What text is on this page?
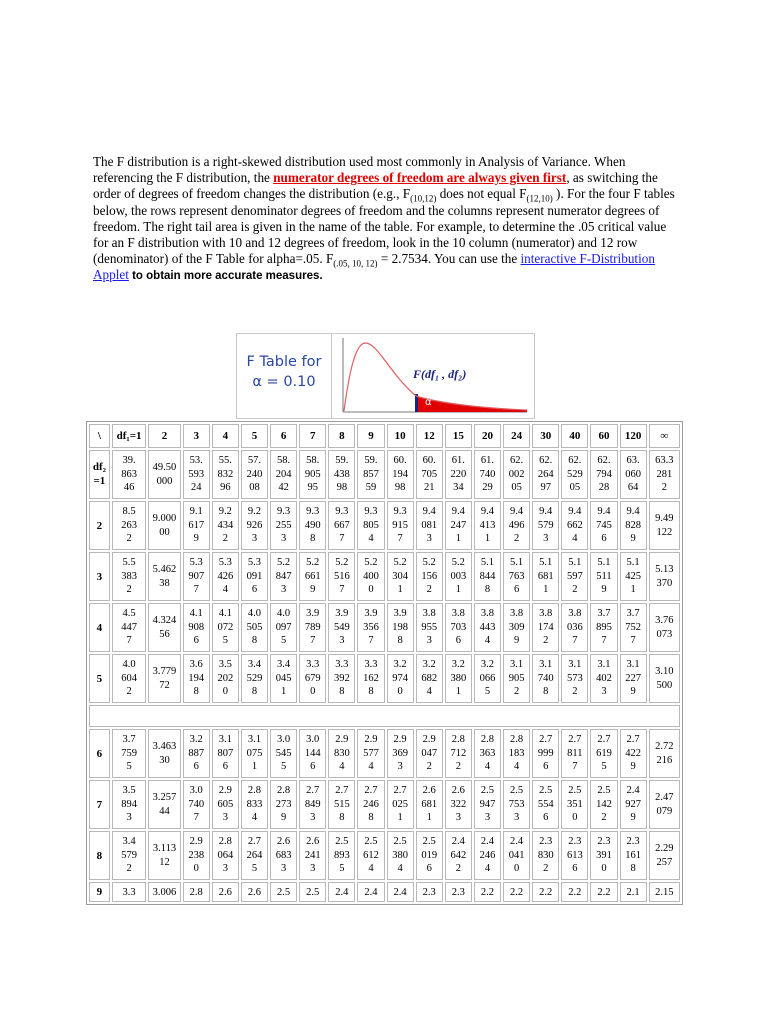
The F distribution is a right-skewed distribution used most commonly in Analysis of Variance. When referencing the F distribution, the numerator degrees of freedom are always given first, as switching the order of degrees of freedom changes the distribution (e.g., $F_{(10,12)}$ does not equal $F_{(12,10)}$ ). For the four F tables below, the rows represent denominator degrees of freedom and the columns represent numerator degrees of freedom. The right tail area is given in the name of the table. For example, to determine the .05 critical value for an F distribution with 10 and 12 degrees of freedom, look in the 10 column (numerator) and 12 row (denominator) of the F Table for alpha=.05. $F_{(.05, 10, 12)} = 2.7534$. You can use the interactive F-Distribution Applet to obtain more accurate measures.

F Table for
α = 0.10	F(df₁ , df₂)
α
\	df₁=1	2	3	4	5	6	7	8	9	10	12	15	20	24	30	40	60	120	∞

df₂
=1	39.
863
46	49.50
000	53.
593
24	55.
832
96	57.
240
08	58.
204
42	58.
905
95	59.
438
98	59.
857
59	60.
194
98	60.
705
21	61.
220
34	61.
740
29	62.
002
05	62.
264
97	62.
529
05	62.
794
28	63.
060
64	63.3
281
2

2	8.5
263
2	9.000
00	9.1
617
9	9.2
434
2	9.2
926
3	9.3
255
3	9.3
490
8	9.3
667
7	9.3
805
4	9.3
915
7	9.4
081
3	9.4
247
1	9.4
413
1	9.4
496
2	9.4
579
3	9.4
662
4	9.4
745
6	9.4
828
9	9.49
122

3	5.5
383
2	5.462
38	5.3
907
7	5.3
426
4	5.3
091
6	5.2
847
3	5.2
661
9	5.2
516
7	5.2
400
0	5.2
304
1	5.2
156
2	5.2
003
1	5.1
844
8	5.1
763
6	5.1
681
1	5.1
597
2	5.1
511
9	5.1
425
1	5.13
370

4	4.5
447
7	4.324
56	4.1
908
6	4.1
072
5	4.0
505
8	4.0
097
5	3.9
789
7	3.9
549
3	3.9
356
7	3.9
198
8	3.8
955
3	3.8
703
6	3.8
443
4	3.8
309
9	3.8
174
2	3.8
036
7	3.7
895
7	3.7
752
7	3.76
073

5	4.0
604
2	3.779
72	3.6
194
8	3.5
202
0	3.4
529
8	3.4
045
1	3.3
679
0	3.3
392
8	3.3
162
8	3.2
974
0	3.2
682
4	3.2
380
1	3.2
066
5	3.1
905
2	3.1
740
8	3.1
573
2	3.1
402
3	3.1
227
9	3.10
500

6	3.7
759
5	3.463
30	3.2
887
6	3.1
807
6	3.1
075
1	3.0
545
5	3.0
144
6	2.9
830
4	2.9
577
4	2.9
369
3	2.9
047
2	2.8
712
2	2.8
363
4	2.8
183
4	2.7
999
6	2.7
811
7	2.7
619
5	2.7
422
9	2.72
216

7	3.5
894
3	3.257
44	3.0
740
7	2.9
605
3	2.8
833
4	2.8
273
9	2.7
849
3	2.7
515
8	2.7
246
8	2.7
025
1	2.6
681
1	2.6
322
3	2.5
947
3	2.5
753
3	2.5
554
6	2.5
351
0	2.5
142
2	2.4
927
9	2.47
079

8	3.4
579
2	3.113
12	2.9
238
0	2.8
064
3	2.7
264
5	2.6
683
3	2.6
241
3	2.5
893
5	2.5
612
4	2.5
380
4	2.5
019
6	2.4
642
2	2.4
246
4	2.4
041
0	2.3
830
2	2.3
613
6	2.3
391
0	2.3
161
8	2.29
257

9	3.3	3.006	2.8	2.6	2.6	2.5	2.5	2.4	2.4	2.4	2.3	2.3	2.2	2.2	2.2	2.2	2.2	2.1	2.15
